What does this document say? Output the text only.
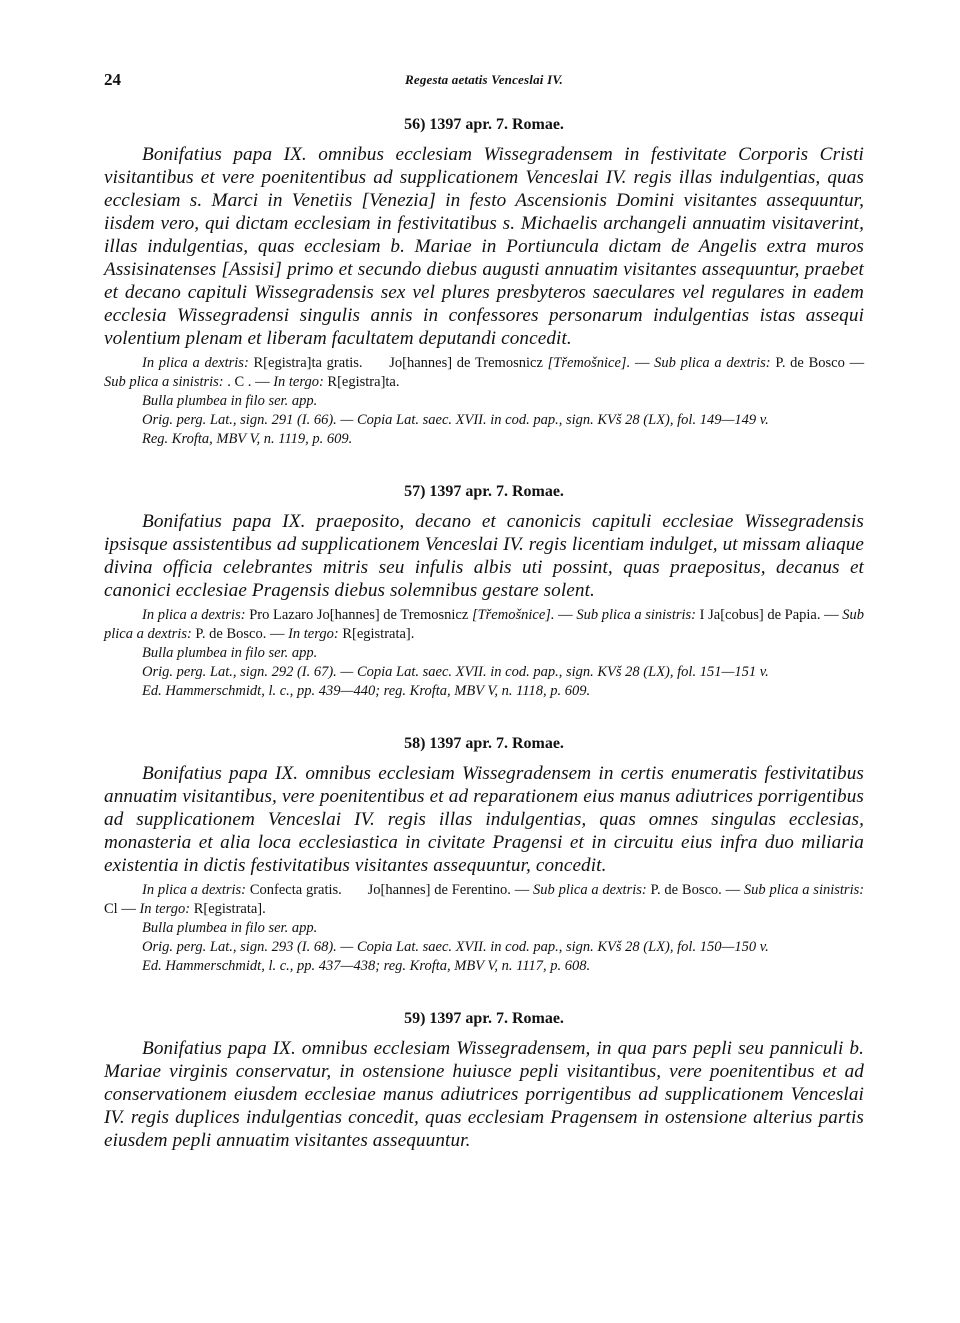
24	Regesta aetatis Venceslai IV.
56) 1397 apr. 7. Romae.

Bonifatius papa IX. omnibus ecclesiam Wissegradensem in festivitate Corporis Cristi visitantibus et vere poenitentibus ad supplicationem Venceslai IV. regis illas indulgentias, quas ecclesiam s. Marci in Venetiis [Venezia] in festo Ascensionis Domini visitantes assequuntur, iisdem vero, qui dictam ecclesiam in festivitatibus s. Michaelis archangeli annuatim visitaverint, illas indulgentias, quas ecclesiam b. Mariae in Portiuncula dictam de Angelis extra muros Assisinatenses [Assisi] primo et secundo diebus augusti annuatim visitantes assequuntur, praebet et decano capituli Wissegradensis sex vel plures presbyteros saeculares vel regulares in eadem ecclesia Wissegradensi singulis annis in confessores personarum indulgentias istas assequi volentium plenam et liberam facultatem deputandi concedit.

In plica a dextris: R[egistra]ta gratis. Jo[hannes] de Tremosnicz [Třemošnice]. — Sub plica a dextris: P. de Bosco — Sub plica a sinistris: . C . — In tergo: R[egistra]ta.

Bulla plumbea in filo ser. app.

Orig. perg. Lat., sign. 291 (I. 66). — Copia Lat. saec. XVII. in cod. pap., sign. KVš 28 (LX), fol. 149—149 v.

Reg. Krofta, MBV V, n. 1119, p. 609.

57) 1397 apr. 7. Romae.

Bonifatius papa IX. praeposito, decano et canonicis capituli ecclesiae Wissegradensis ipsisque assistentibus ad supplicationem Venceslai IV. regis licentiam indulget, ut missam aliaque divina officia celebrantes mitris seu infulis albis uti possint, quas praepositus, decanus et canonici ecclesiae Pragensis diebus solemnibus gestare solent.

In plica a dextris: Pro Lazaro Jo[hannes] de Tremosnicz [Třemošnice]. — Sub plica a sinistris: I Ja[cobus] de Papia. — Sub plica a dextris: P. de Bosco. — In tergo: R[egistrata].

Bulla plumbea in filo ser. app.

Orig. perg. Lat., sign. 292 (I. 67). — Copia Lat. saec. XVII. in cod. pap., sign. KVš 28 (LX), fol. 151—151 v.

Ed. Hammerschmidt, l. c., pp. 439—440; reg. Krofta, MBV V, n. 1118, p. 609.

58) 1397 apr. 7. Romae.

Bonifatius papa IX. omnibus ecclesiam Wissegradensem in certis enumeratis festivitatibus annuatim visitantibus, vere poenitentibus et ad reparationem eius manus adiutrices porrigentibus ad supplicationem Venceslai IV. regis illas indulgentias, quas omnes singulas ecclesias, monasteria et alia loca ecclesiastica in civitate Pragensi et in circuitu eius infra duo miliaria existentia in dictis festivitatibus visitantes assequuntur, concedit.

In plica a dextris: Confecta gratis. Jo[hannes] de Ferentino. — Sub plica a dextris: P. de Bosco. — Sub plica a sinistris: Cl — In tergo: R[egistrata].

Bulla plumbea in filo ser. app.

Orig. perg. Lat., sign. 293 (I. 68). — Copia Lat. saec. XVII. in cod. pap., sign. KVš 28 (LX), fol. 150—150 v.

Ed. Hammerschmidt, l. c., pp. 437—438; reg. Krofta, MBV V, n. 1117, p. 608.

59) 1397 apr. 7. Romae.

Bonifatius papa IX. omnibus ecclesiam Wissegradensem, in qua pars pepli seu panniculi b. Mariae virginis conservatur, in ostensione huiusce pepli visitantibus, vere poenitentibus et ad conservationem eiusdem ecclesiae manus adiutrices porrigentibus ad supplicationem Venceslai IV. regis duplices indulgentias concedit, quas ecclesiam Pragensem in ostensione alterius partis eiusdem pepli annuatim visitantes assequuntur.
